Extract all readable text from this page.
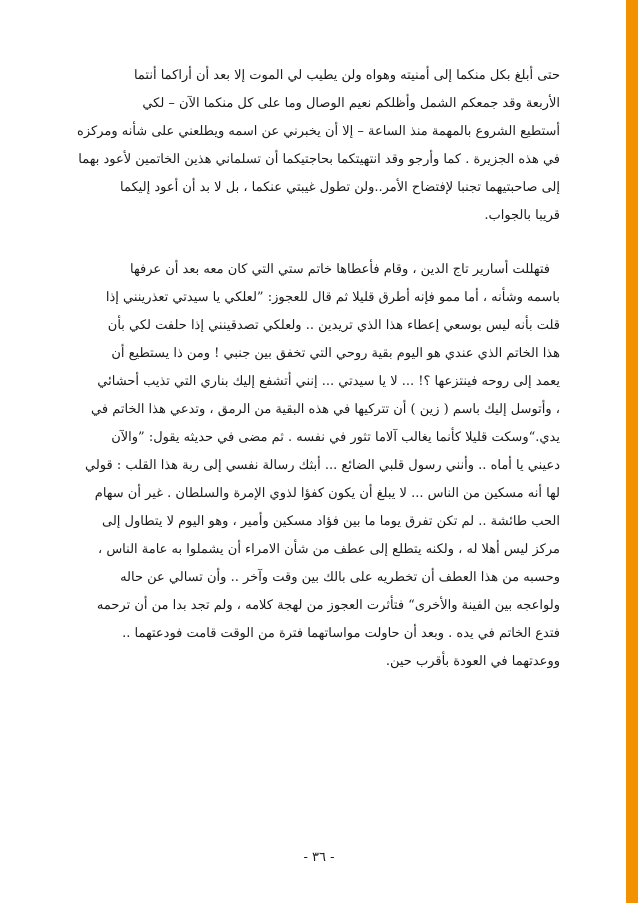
حتى أبلغ بكل منكما إلى أمنيته وهواه ولن يطيب لي الموت إلا بعد أن أراكما أنتما
الأربعة وقد جمعكم الشمل وأظلكم نعيم الوصال وما على كل منكما الآن – لكي
أستطيع الشروع بالمهمة منذ الساعة – إلا أن يخبرني عن اسمه ويطلعني على شأنه ومركزه
في هذه الجزيرة . كما وأرجو وقد انتهيتكما بحاجتيكما أن تسلماني هذين الخاتمين لأعود بهما
إلى صاحبتيهما تجنبا لإفتضاح الأمر..ولن تطول غيبتي عنكما ، بل لا بد أن أعود إليكما
قريبا بالجواب.

فتهللت أسارير تاج الدين ، وقام فأعطاها خاتم ستي التي كان معه بعد أن عرفها
باسمه وشأنه ، أما ممو فإنه أطرق قليلا ثم قال للعجوز: ”لعلكي يا سيدتي تعذرينني إذا
قلت بأنه ليس بوسعي إعطاء هذا الذي تريدين .. ولعلكي تصدقينني إذا حلفت لكي بأن
هذا الخاتم الذي عندي هو اليوم بقية روحي التي تخفق بين جنبي ! ومن ذا يستطيع أن
يعمد إلى روحه فينتزعها ؟! ... لا يا سيدتي ... إنني أتشفع إليك بناري التي تذيب أحشائي
، وأتوسل إليك باسم ( زين ) أن تتركيها في هذه البقية من الرمق ، وتدعي هذا الخاتم في
يدي.“وسكت قليلا كأنما يغالب آلاما تثور في نفسه . ثم مضى في حديثه يقول: ”والآن
دعيني يا أماه .. وأنني رسول قلبي الضائع ... أبثك رسالة نفسي إلى ربة هذا القلب : قولي
لها أنه مسكين من الناس ... لا يبلغ أن يكون كفؤا لذوي الإمرة والسلطان . غير أن سهام
الحب طائشة .. لم تكن تفرق يوما ما بين فؤاد مسكين وأمير ، وهو اليوم لا يتطاول إلى
مركز ليس أهلا له ، ولكنه يتطلع إلى عطف من شأن الامراء أن يشملوا به عامة الناس ،
وحسبه من هذا العطف أن تخطريه على بالك بين وقت وآخر .. وأن تسالي عن حاله
ولواعجه بين الفينة والأخرى“ فتأثرت العجوز من لهجة كلامه ، ولم تجد بدا من أن ترحمه
فتدع الخاتم في يده . وبعد أن حاولت مواساتهما فترة من الوقت قامت فودعتهما ..
ووعدتهما في العودة بأقرب حين.

- ٣٦ -
